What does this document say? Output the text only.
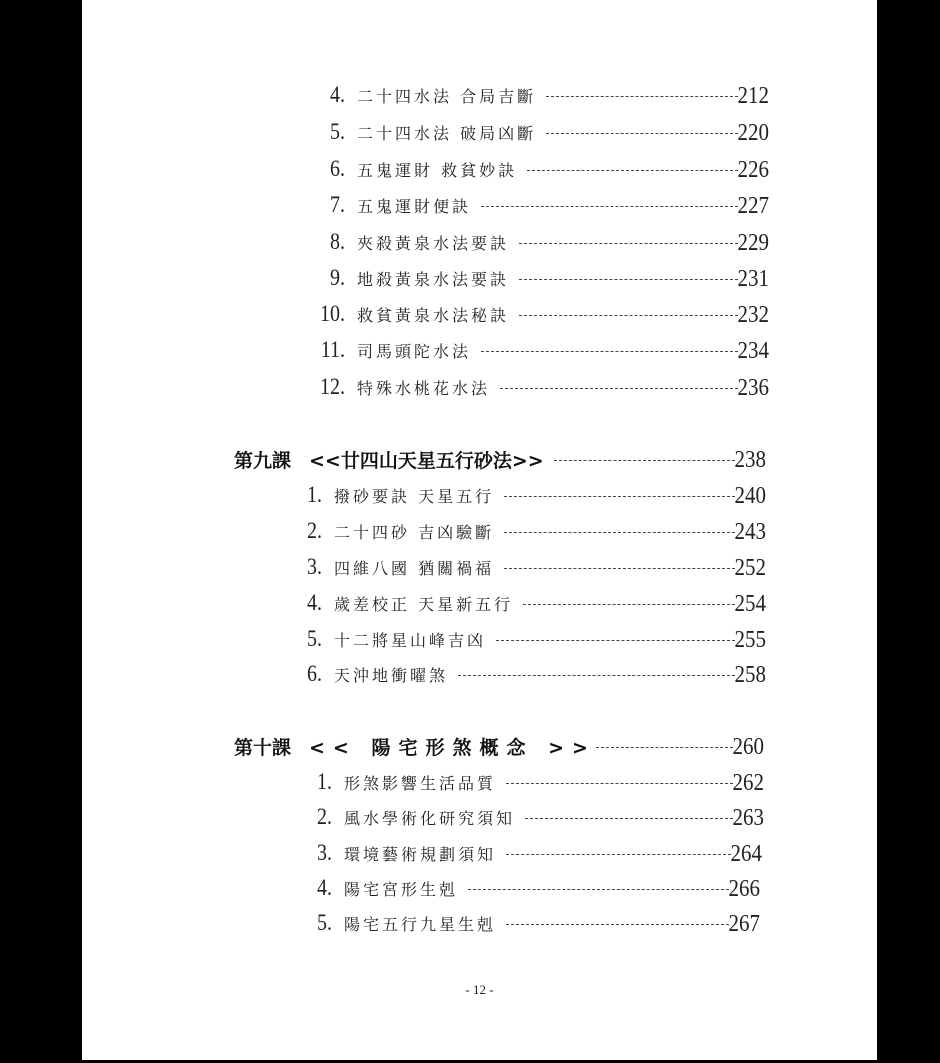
4. 二十四水法 合局吉斷	212
5. 二十四水法 破局凶斷	220
6. 五鬼運財 救貧妙訣	226
7. 五鬼運財便訣	227
8. 夾殺黃泉水法要訣	229
9. 地殺黃泉水法要訣	231
10. 救貧黃泉水法秘訣	232
11. 司馬頭陀水法	234
12. 特殊水桃花水法	236
第九課 <<廿四山天星五行砂法>>	238
1. 撥砂要訣 天星五行	240
2. 二十四砂 吉凶驗斷	243
3. 四維八國 猶關禍福	252
4. 歲差校正 天星新五行	254
5. 十二將星山峰吉凶	255
6. 天沖地衝曜煞	258
第十課 << 陽宅形煞概念 >>	260
1. 形煞影響生活品質	262
2. 風水學術化研究須知	263
3. 環境藝術規劃須知	264
4. 陽宅宮形生剋	266
5. 陽宅五行九星生剋	267
- 12 -
